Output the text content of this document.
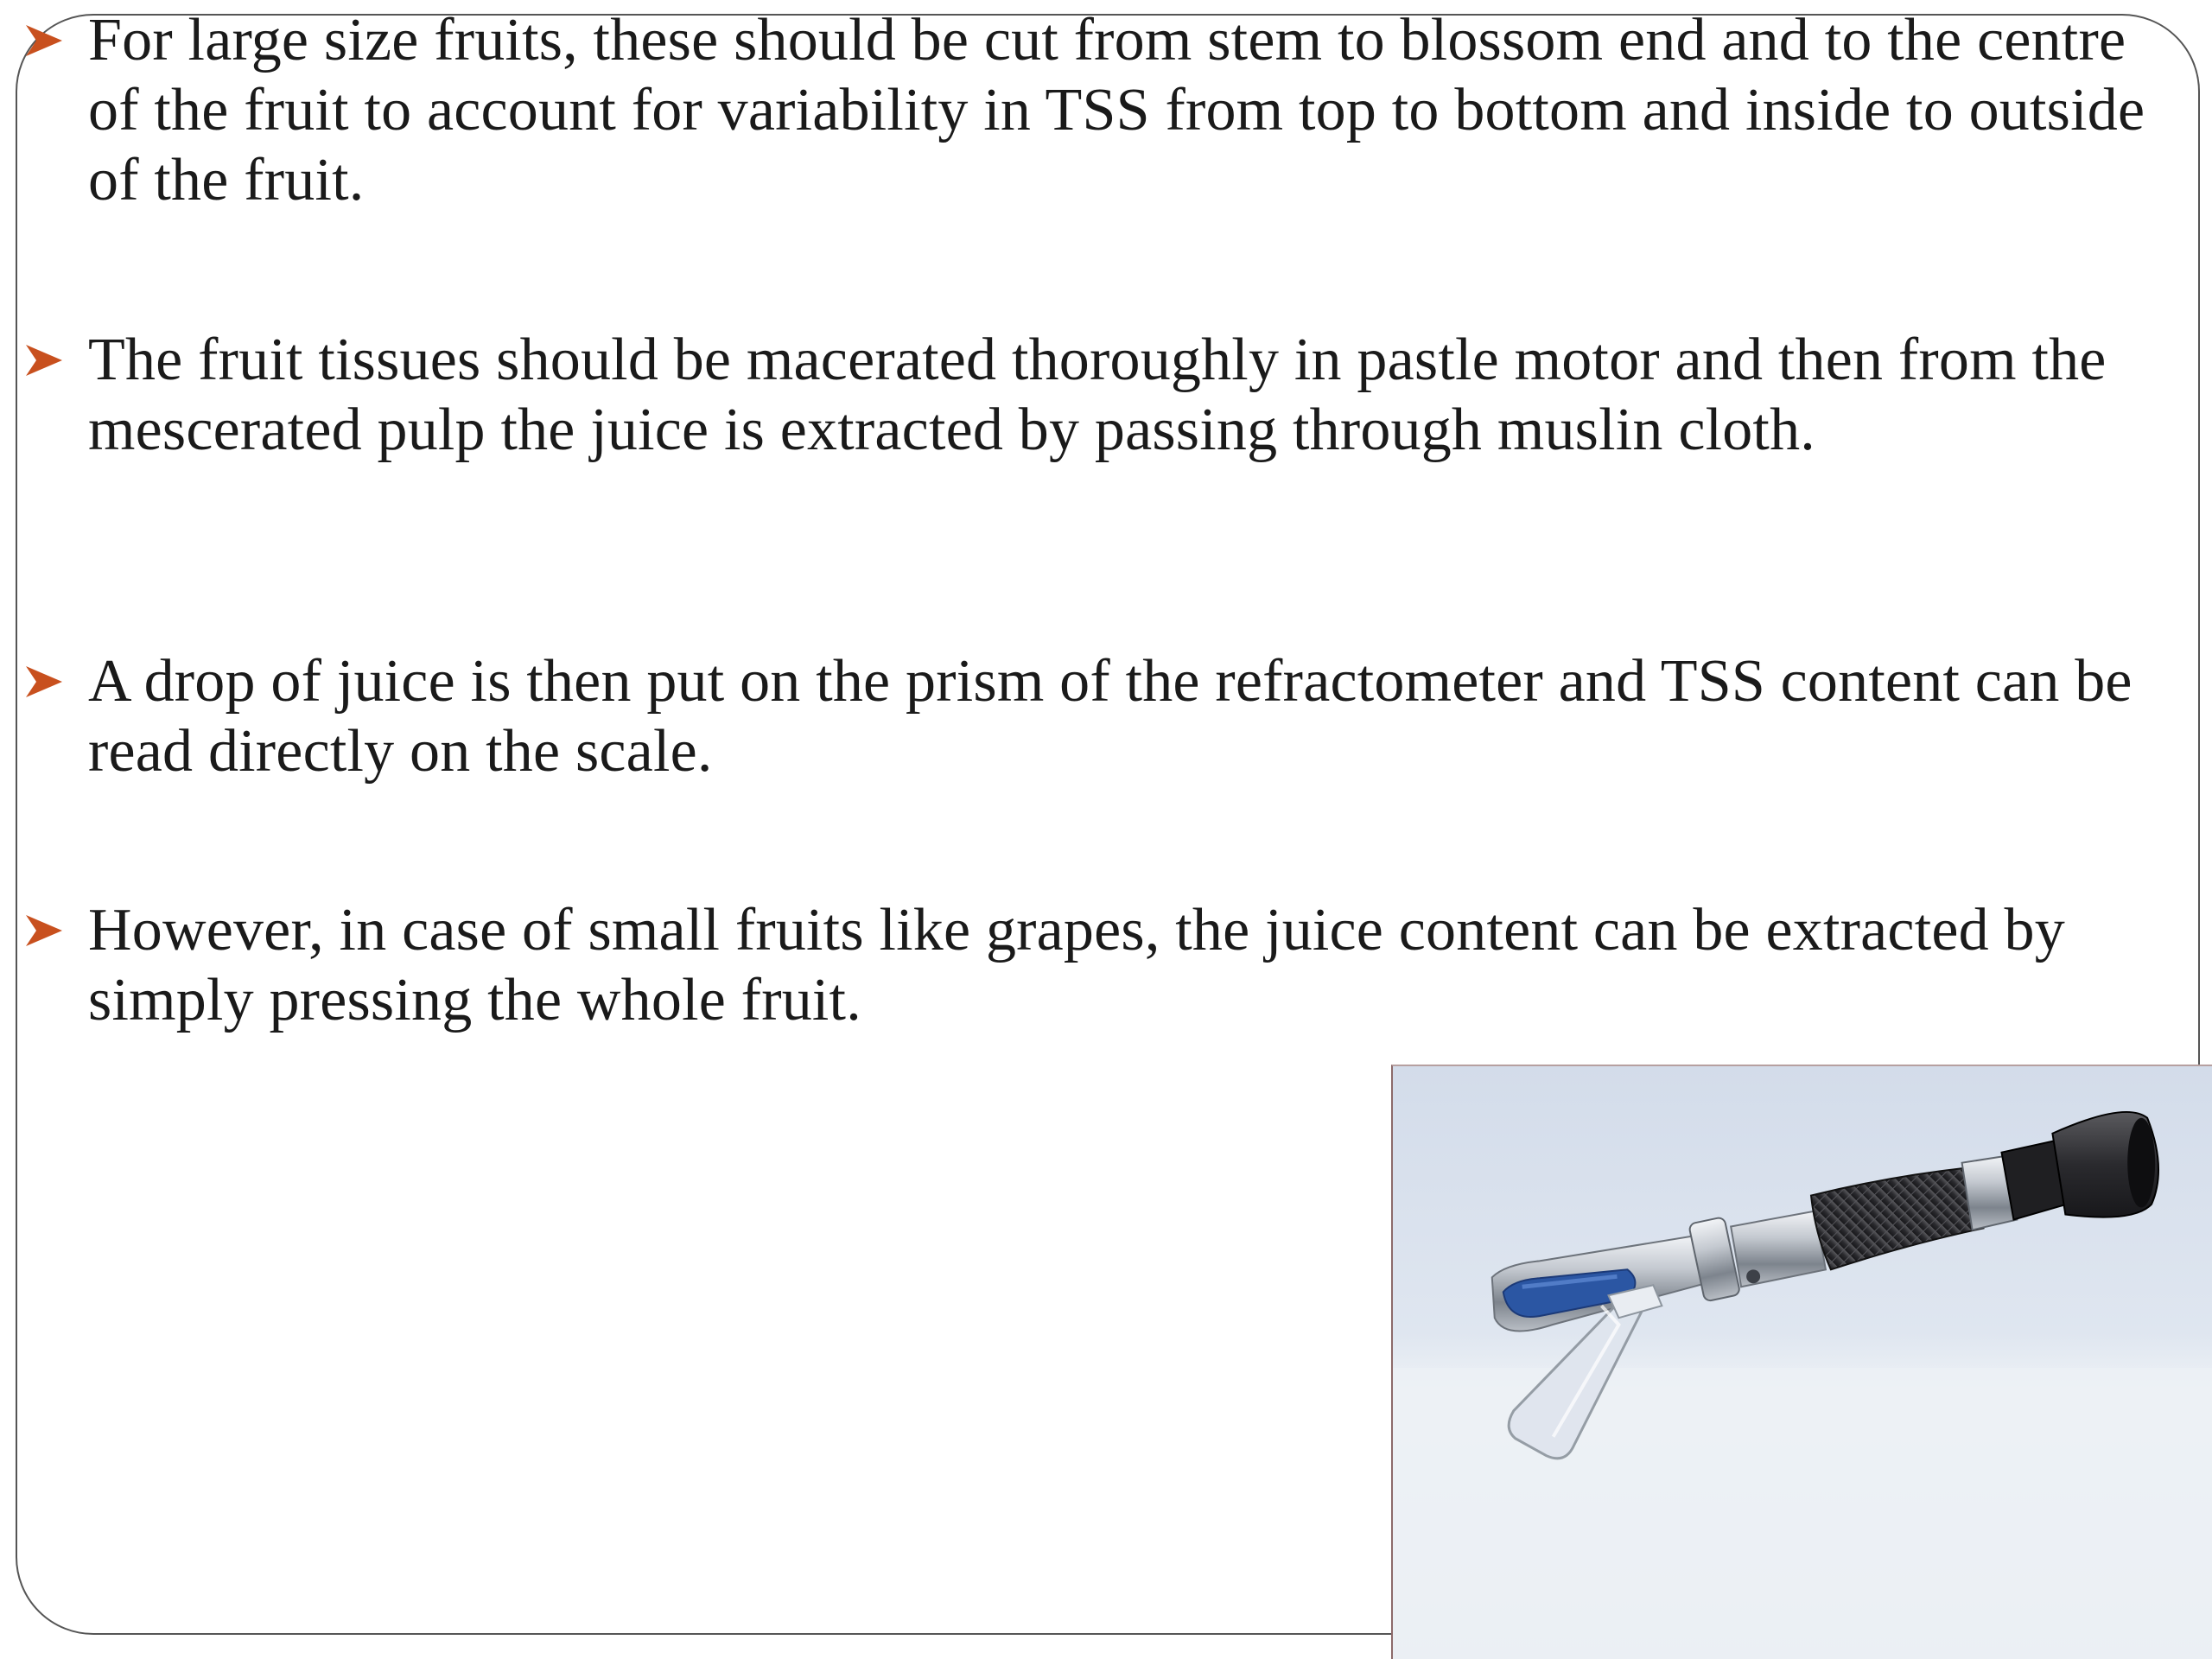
For large size fruits, these should be cut from stem to blossom end and to the centre of the fruit to account for variability in TSS from top to bottom and inside to outside of the fruit.
The fruit tissues should be macerated thoroughly in pastle motor and then from the mescerated pulp the juice is extracted by passing through muslin cloth.
A drop of juice is then put on the prism of the refractometer and TSS content can be read directly on the scale.
However, in case of small fruits like grapes, the juice content can be extracted by simply pressing the whole fruit.
